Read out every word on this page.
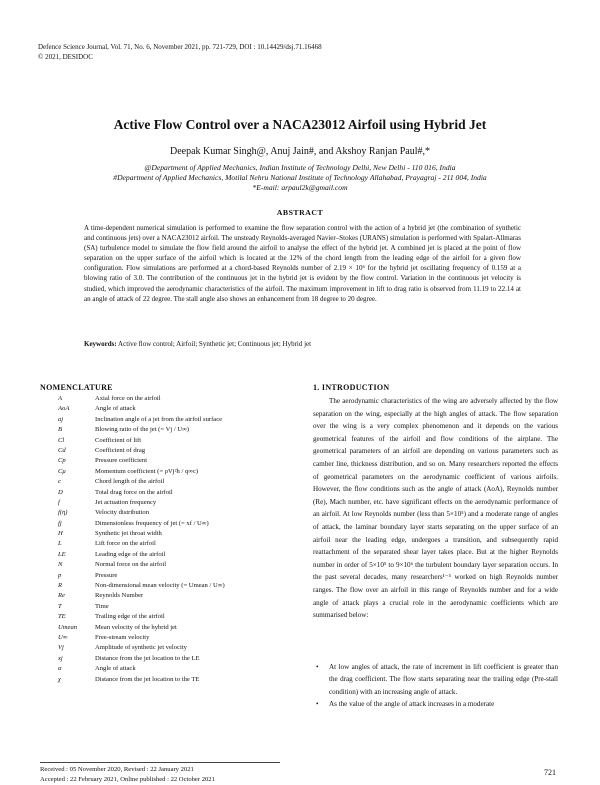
Defence Science Journal, Vol. 71, No. 6, November 2021, pp. 721-729, DOI : 10.14429/dsj.71.16468
© 2021, DESIDOC
Active Flow Control over a NACA23012 Airfoil using Hybrid Jet
Deepak Kumar Singh@, Anuj Jain#, and Akshoy Ranjan Paul#,*
@Department of Applied Mechanics, Indian Institute of Technology Delhi, New Delhi - 110 016, India
#Department of Applied Mechanics, Motilal Nehru National Institute of Technology Allahabad, Prayagraj - 211 004, India
*E-mail: arpaul2k@gmail.com
ABSTRACT
A time-dependent numerical simulation is performed to examine the flow separation control with the action of a hybrid jet (the combination of synthetic and continuous jets) over a NACA23012 airfoil. The unsteady Reynolds-averaged Navier–Stokes (URANS) simulation is performed with Spalart-Allmaras (SA) turbulence model to simulate the flow field around the airfoil to analyse the effect of the hybrid jet. A combined jet is placed at the point of flow separation on the upper surface of the airfoil which is located at the 12% of the chord length from the leading edge of the airfoil for a given flow configuration. Flow simulations are performed at a chord-based Reynolds number of 2.19 × 10⁶ for the hybrid jet oscillating frequency of 0.159 at a blowing ratio of 3.0. The contribution of the continuous jet in the hybrid jet is evident by the flow control. Variation in the continuous jet velocity is studied, which improved the aerodynamic characteristics of the airfoil. The maximum improvement in lift to drag ratio is observed from 11.19 to 22.14 at an angle of attack of 22 degree. The stall angle also shows an enhancement from 18 degree to 20 degree.
Keywords: Active flow control; Airfoil; Synthetic jet; Continuous jet; Hybrid jet
NOMENCLATURE
A	Axial force on the airfoil
AoA	Angle of attack
aj	Inclination angle of a jet from the airfoil surface
B	Blowing ratio of the jet (= Vj / U∞)
Cl	Coefficient of lift
Cd	Coefficient of drag
Cp	Pressure coefficient
Cμ	Momentum coefficient (= ρVj²h / q∞c)
c	Chord length of the airfoil
D	Total drag force on the airfoil
f	Jet actuation frequency
f(η)	Velocity distribution
fj	Dimensionless frequency of jet (= xf / U∞)
H	Synthetic jet throat width
L	Lift force on the airfoil
LE	Leading edge of the airfoil
N	Normal force on the airfoil
p	Pressure
R	Non-dimensional mean velocity (= Umean / U∞)
Re	Reynolds Number
T	Time
TE	Trailing edge of the airfoil
Umean	Mean velocity of the hybrid jet
U∞	Free-stream velocity
Vj	Amplitude of synthetic jet velocity
xj	Distance from the jet location to the LE
α	Angle of attack
χ	Distance from the jet location to the TE
1. INTRODUCTION

The aerodynamic characteristics of the wing are adversely affected by the flow separation on the wing, especially at the high angles of attack. The flow separation over the wing is a very complex phenomenon and it depends on the various geometrical features of the airfoil and flow conditions of the airplane. The geometrical parameters of an airfoil are depending on various parameters such as camber line, thickness distribution, and so on. Many researchers reported the effects of geometrical parameters on the aerodynamic coefficient of various airfoils. However, the flow conditions such as the angle of attack (AoA), Reynolds number (Re), Mach number, etc. have significant effects on the aerodynamic performance of an airfoil. At low Reynolds number (less than 5×10⁵) and a moderate range of angles of attack, the laminar boundary layer starts separating on the upper surface of an airfoil near the leading edge, undergoes a transition, and subsequently rapid reattachment of the separated shear layer takes place. But at the higher Reynolds number in order of 5×10⁵ to 9×10⁶ the turbulent boundary layer separation occurs. In the past several decades, many researchers¹⁻⁵ worked on high Reynolds number ranges. The flow over an airfoil in this range of Reynolds number and for a wide angle of attack plays a crucial role in the aerodynamic coefficients which are summarised below:

• At low angles of attack, the rate of increment in lift coefficient is greater than the drag coefficient. The flow starts separating near the trailing edge (Pre-stall condition) with an increasing angle of attack.
• As the value of the angle of attack increases in a moderate
Received : 05 November 2020, Revised : 22 January 2021
Accepted : 22 February 2021, Online published : 22 October 2021
721
